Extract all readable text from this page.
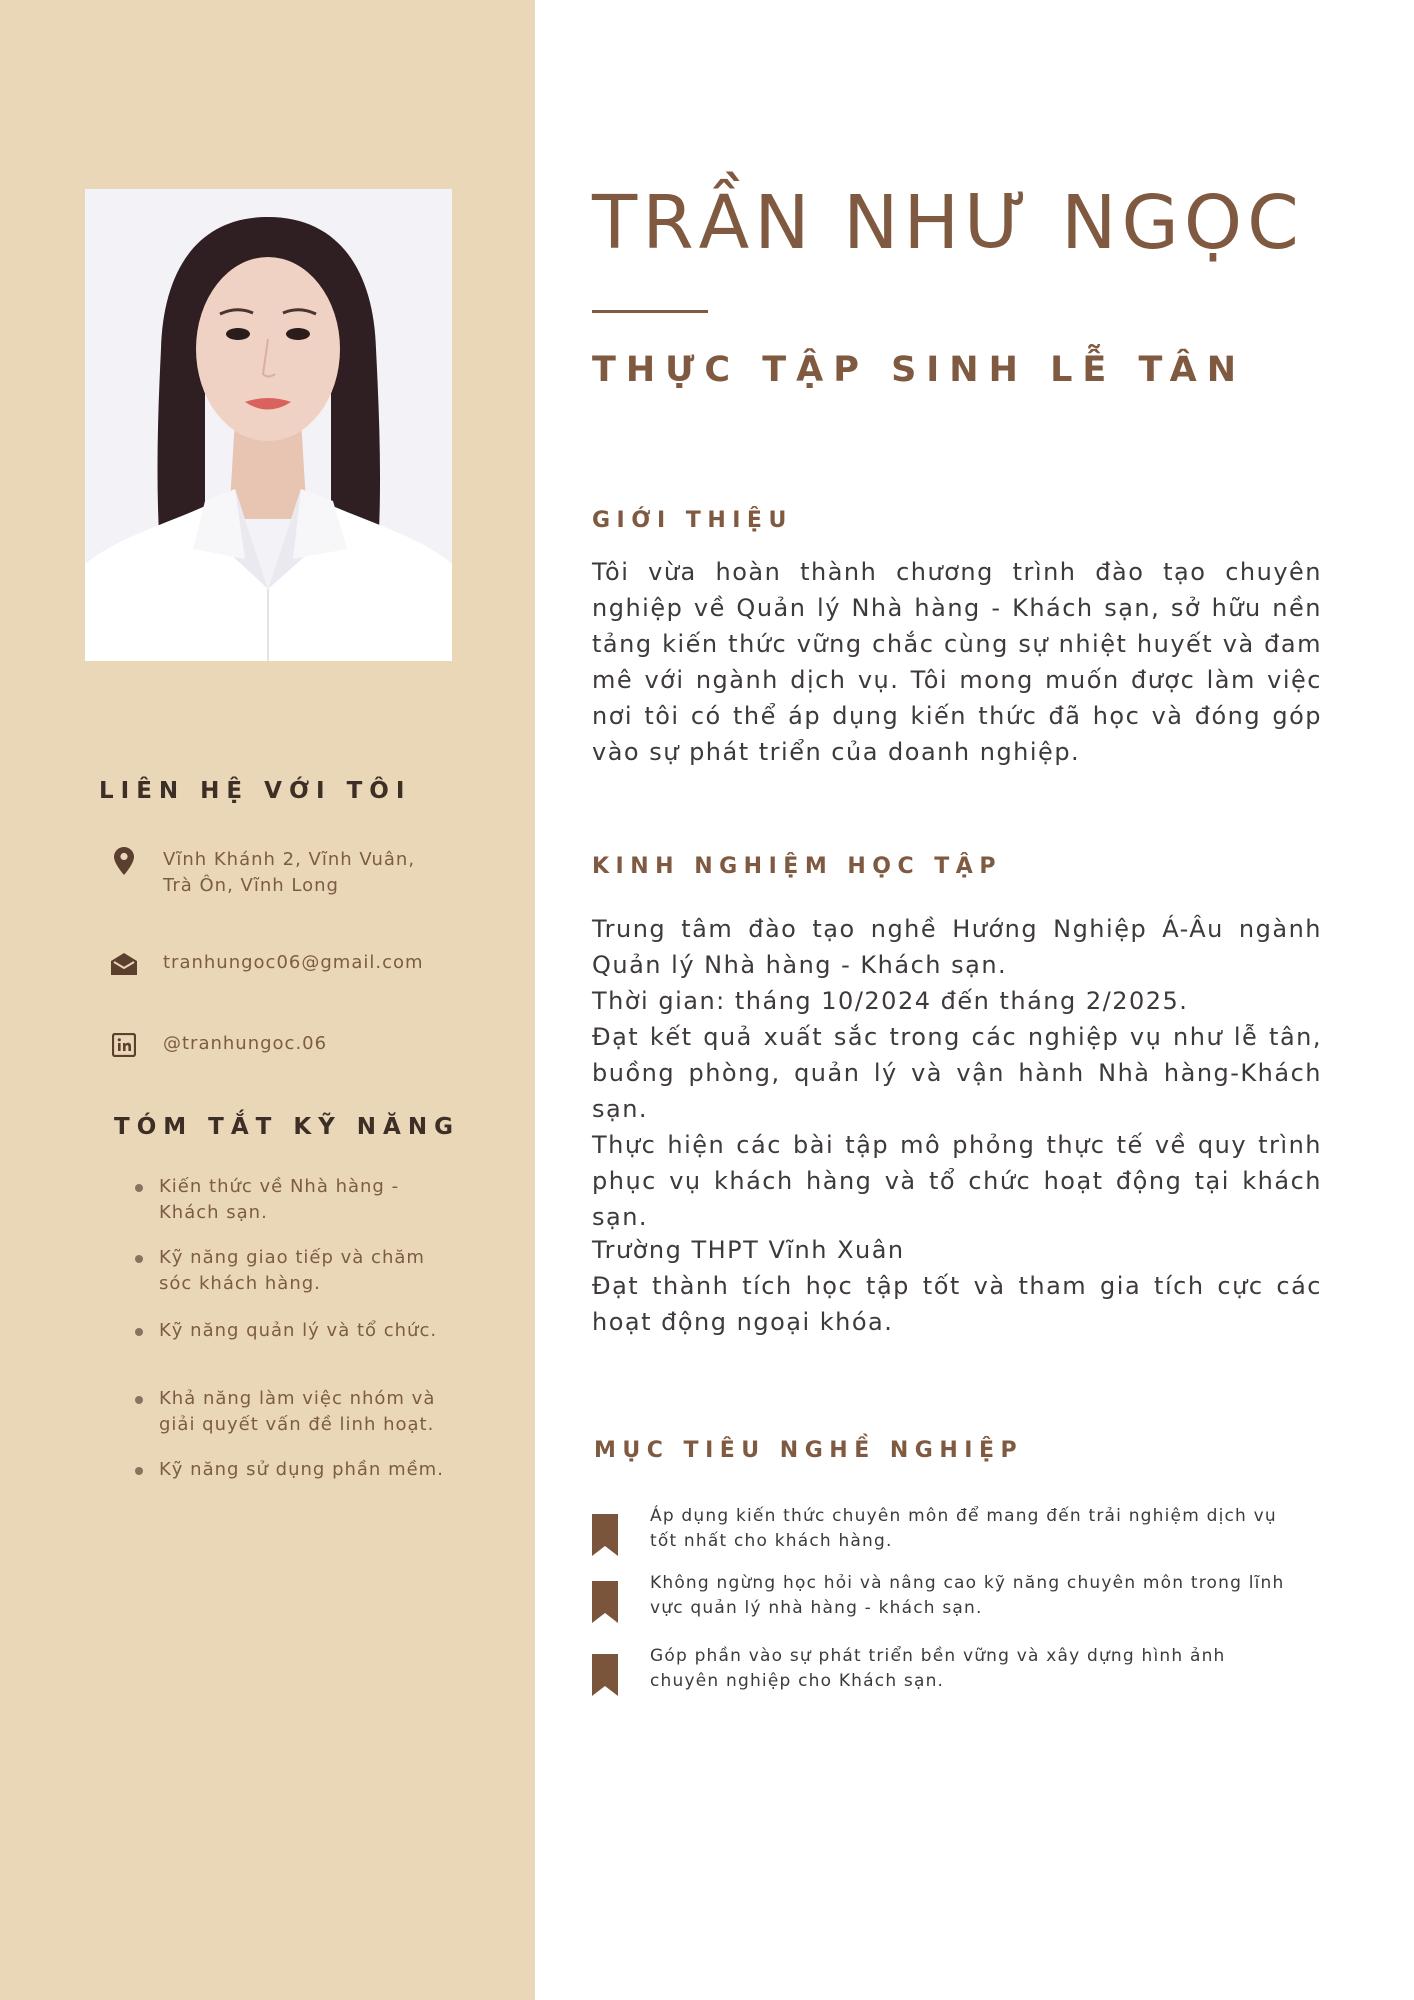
LIÊN HỆ VỚI TÔI
Vĩnh Khánh 2, Vĩnh Vuân, Trà Ôn, Vĩnh Long
tranhungoc06@gmail.com
@tranhungoc.06
TÓM TẮT KỸ NĂNG
Kiến thức về Nhà hàng - Khách sạn.
Kỹ năng giao tiếp và chăm sóc khách hàng.
Kỹ năng quản lý và tổ chức.
Khả năng làm việc nhóm và giải quyết vấn đề linh hoạt.
Kỹ năng sử dụng phần mềm.
TRẦN NHƯ NGỌC
THỰC TẬP SINH LỄ TÂN
GIỚI THIỆU

Tôi vừa hoàn thành chương trình đào tạo chuyên nghiệp về Quản lý Nhà hàng - Khách sạn, sở hữu nền tảng kiến thức vững chắc cùng sự nhiệt huyết và đam mê với ngành dịch vụ. Tôi mong muốn được làm việc nơi tôi có thể áp dụng kiến thức đã học và đóng góp vào sự phát triển của doanh nghiệp.

KINH NGHIỆM HỌC TẬP
Trung tâm đào tạo nghề Hướng Nghiệp Á-Âu ngành Quản lý Nhà hàng - Khách sạn.
Thời gian: tháng 10/2024 đến tháng 2/2025.
Đạt kết quả xuất sắc trong các nghiệp vụ như lễ tân, buồng phòng, quản lý và vận hành Nhà hàng-Khách sạn.
Thực hiện các bài tập mô phỏng thực tế về quy trình phục vụ khách hàng và tổ chức hoạt động tại khách sạn.
Trường THPT Vĩnh Xuân
Đạt thành tích học tập tốt và tham gia tích cực các hoạt động ngoại khóa.
MỤC TIÊU NGHỀ NGHIỆP
Áp dụng kiến thức chuyên môn để mang đến trải nghiệm dịch vụ tốt nhất cho khách hàng.
Không ngừng học hỏi và nâng cao kỹ năng chuyên môn trong lĩnh vực quản lý nhà hàng - khách sạn.
Góp phần vào sự phát triển bền vững và xây dựng hình ảnh chuyên nghiệp cho Khách sạn.
